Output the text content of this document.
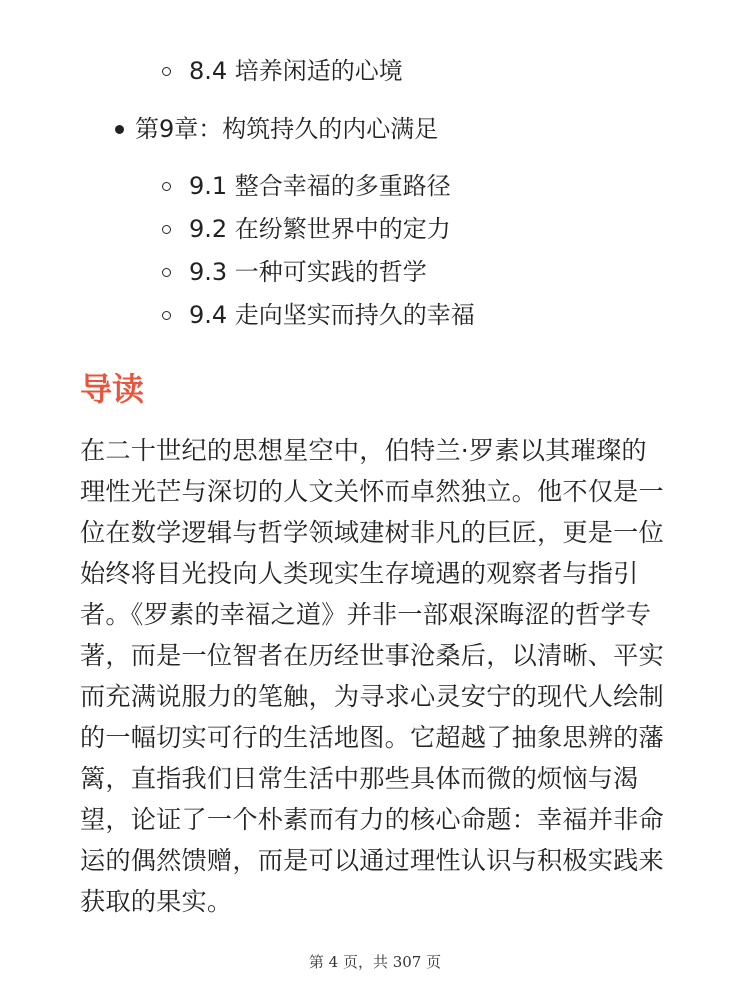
8.4 培养闲适的心境
第9章：构筑持久的内心满足
9.1 整合幸福的多重路径
9.2 在纷繁世界中的定力
9.3 一种可实践的哲学
9.4 走向坚实而持久的幸福
导读
在二十世纪的思想星空中，伯特兰·罗素以其璀璨的理性光芒与深切的人文关怀而卓然独立。他不仅是一位在数学逻辑与哲学领域建树非凡的巨匠，更是一位始终将目光投向人类现实生存境遇的观察者与指引者。《罗素的幸福之道》并非一部艰深晦涩的哲学专著，而是一位智者在历经世事沧桑后，以清晰、平实而充满说服力的笔触，为寻求心灵安宁的现代人绘制的一幅切实可行的生活地图。它超越了抽象思辨的藩篱，直指我们日常生活中那些具体而微的烦恼与渴望，论证了一个朴素而有力的核心命题：幸福并非命运的偶然馈赠，而是可以通过理性认识与积极实践来获取的果实。
第 4 页，共 307 页
